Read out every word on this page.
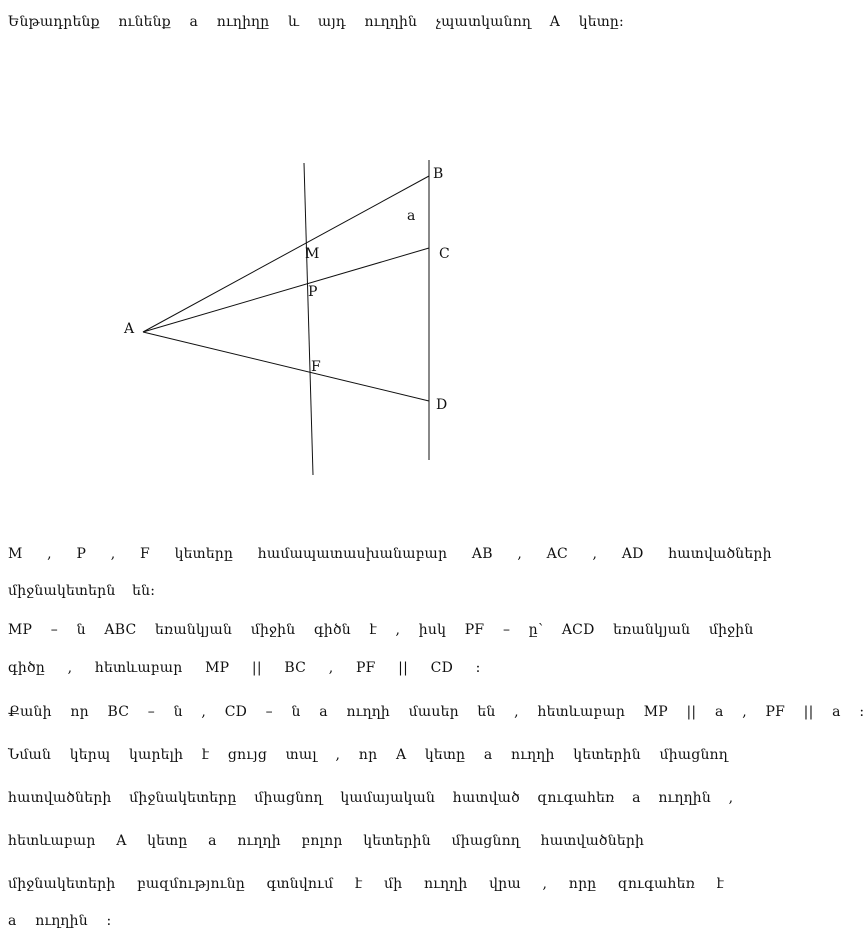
Ենթադրենք ունենք a ուղիղը և այդ ուղղին չպատկանող A կետը:
A
B
C
D
M
P
F
a
M , P , F կետերը համապատասխանաբար AB , AC , AD հատվածների
միջնակետերն են:
MP – ն ABC եռանկյան միջին գիծն է , իսկ PF – ը՝ ACD եռանկյան միջին
գիծը , հետևաբար MP || BC , PF || CD :
Քանի որ BC – ն , CD – ն a ուղղի մասեր են , հետևաբար MP || a , PF || a :
Նման կերպ կարելի է ցույց տալ , որ A կետը a ուղղի կետերին միացնող
հատվածների միջնակետերը միացնող կամայական հատված զուգահեռ a ուղղին ,
հետևաբար A կետը a ուղղի բոլոր կետերին միացնող հատվածների
միջնակետերի բազմությունը գտնվում է մի ուղղի վրա , որը զուգահեռ է
a ուղղին :
